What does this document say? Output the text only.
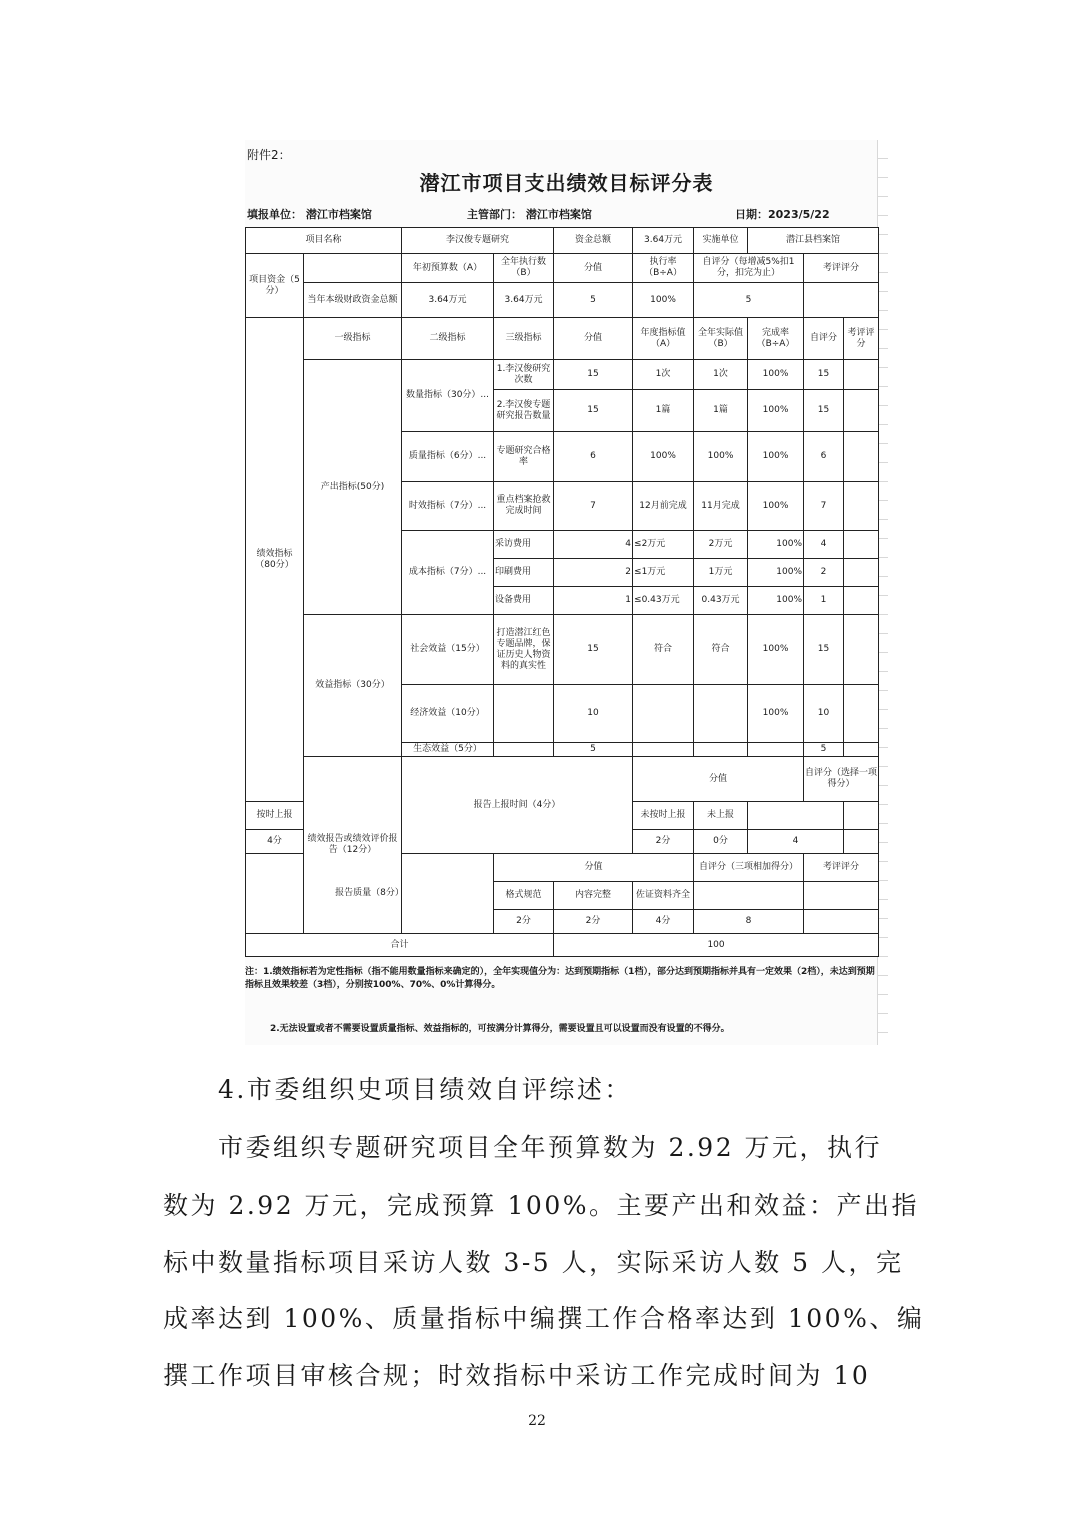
附件2：
潜江市项目支出绩效目标评分表
填报单位： 潜江市档案馆	主管部门： 潜江市档案馆	日期：2023/5/22
项目名称		李汉俊专题研究		资金总额	3.64万元	实施单位	潜江县档案馆			
项目资金（5分）		年初预算数（A）	全年执行数（B）	分值	执行率（B÷A）	自评分（每增减5%扣1分，扣完为止）		考评评分		
	当年本级财政资金总额	3.64万元	3.64万元	5	100%	5				
绩效指标（80分）	一级指标	二级指标	三级指标	分值	年度指标值（A）	全年实际值（B）	完成率（B÷A）	自评分	考评评分	
	产出指标(50分)	数量指标（30分）...	1.李汉俊研究次数	15	1次	1次	100%	15		
			2.李汉俊专题研究报告数量	15	1篇	1篇	100%	15		
		质量指标（6分）...	专题研究合格率	6	100%	100%	100%	6		
		时效指标（7分）...	重点档案抢救完成时间	7	12月前完成	11月完成	100%	7		
		成本指标（7分）...	采访费用	4	≤2万元	2万元	100%	4		
			印刷费用	2	≤1万元	1万元	100%	2		
			设备费用	1	≤0.43万元	0.43万元	100%	1		
	效益指标（30分）	社会效益（15分）	打造潜江红色专题品牌，保证历史人物资料的真实性	15	符合	符合	100%	15		
		经济效益（10分）		10			100%	10		
		生态效益（5分）		5				5		
	绩效报告或绩效评价报告（12分）	报告上报时间（4分）			分值			自评分（选择一项得分）	
按时上报					未按时上报	未上报				
4分					2分	0分	4			
报告质量（8分）			分值			自评分（三项相加得分）		考评评分		
			格式规范	内容完整	佐证资料齐全					
			2分	2分	4分	8				
合计				100						
注：1.绩效指标若为定性指标（指不能用数量指标来确定的），全年实现值分为：达到预期指标（1档），部分达到预期指标并具有一定效果（2档），未达到预期指标且效果较差（3档），分别按100%、70%、0%计算得分。
2.无法设置或者不需要设置质量指标、效益指标的，可按满分计算得分，需要设置且可以设置而没有设置的不得分。
4.市委组织史项目绩效自评综述：
市委组织专题研究项目全年预算数为 2.92 万元，执行
数为 2.92 万元，完成预算 100%。主要产出和效益：产出指
标中数量指标项目采访人数 3-5 人，实际采访人数 5 人，完
成率达到 100%、质量指标中编撰工作合格率达到 100%、编
撰工作项目审核合规；时效指标中采访工作完成时间为 10
22
